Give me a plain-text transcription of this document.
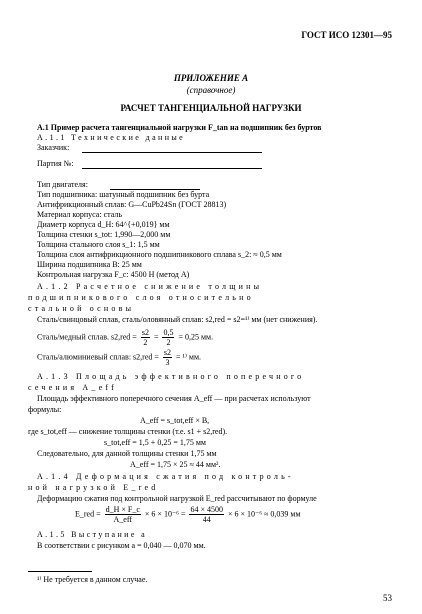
ГОСТ ИСО 12301—95
ПРИЛОЖЕНИЕ А
(справочное)
РАСЧЕТ ТАНГЕНЦИАЛЬНОЙ НАГРУЗКИ
А.1 Пример расчета тангенциальной нагрузки F_tan на подшипник без буртов
А.1.1 Технические данные
Заказчик:
Партия №:
Тип двигателя:
Тип подшипника: шатунный подшипник без бурта
Антифрикционный сплав: G—CuPb24Sn (ГОСТ 28813)
Материал корпуса: сталь
Диаметр корпуса d_H: 64^{+0,019} мм
Толщина стенки s_tot: 1,990—2,000 мм
Толщина стального слоя s_1: 1,5 мм
Толщина слоя антифрикционного подшипникового сплава s_2: ≈ 0,5 мм
Ширина подшипника B: 25 мм
Контрольная нагрузка F_c: 4500 Н (метод А)
А.1.2 Расчетное снижение толщины
подшипникового слоя относительно
стальной основы
Сталь/свинцовый сплав, сталь/оловянный сплав: s2,red = s2=¹⁾ мм (нет снижения).
Сталь/медный сплав. $s2,red = \frac{s2}{2} = \frac{0,5}{2} = 0,25$ мм.
Сталь/алюминиевый сплав: $s2,red = \frac{s2}{3} = ^{1)}$ мм.
А.1.3 Площадь эффективного поперечного
сечения A_eff
Площадь эффективного поперечного сечения A_eff — при расчетах используют
формулы:
A_eff = s_tot,eff × B,
где s_tot,eff — снижение толщины стенки (т.е. s1 + s2,red).
s_tot,eff = 1,5 + 0,25 = 1,75 мм
Следовательно, для данной толщины стенки 1,75 мм
A_eff = 1,75 × 25 ≈ 44 мм².
А.1.4 Деформация сжатия под контроль-
ной нагрузкой E_red
Деформацию сжатия под контрольной нагрузкой E_red рассчитывают по формуле
E_red = $\frac{d\_H \times F\_c}{\text{A\_eff}} \times 6 \times 10^{-6} = \frac{64 \times 4500}{44} \times 6 \times 10^{-6} \approx 0,039$ мм
А.1.5 Выступание a
В соответствии с рисунком a = 0,040 — 0,070 мм.
¹⁾ Не требуется в данном случае.
53
